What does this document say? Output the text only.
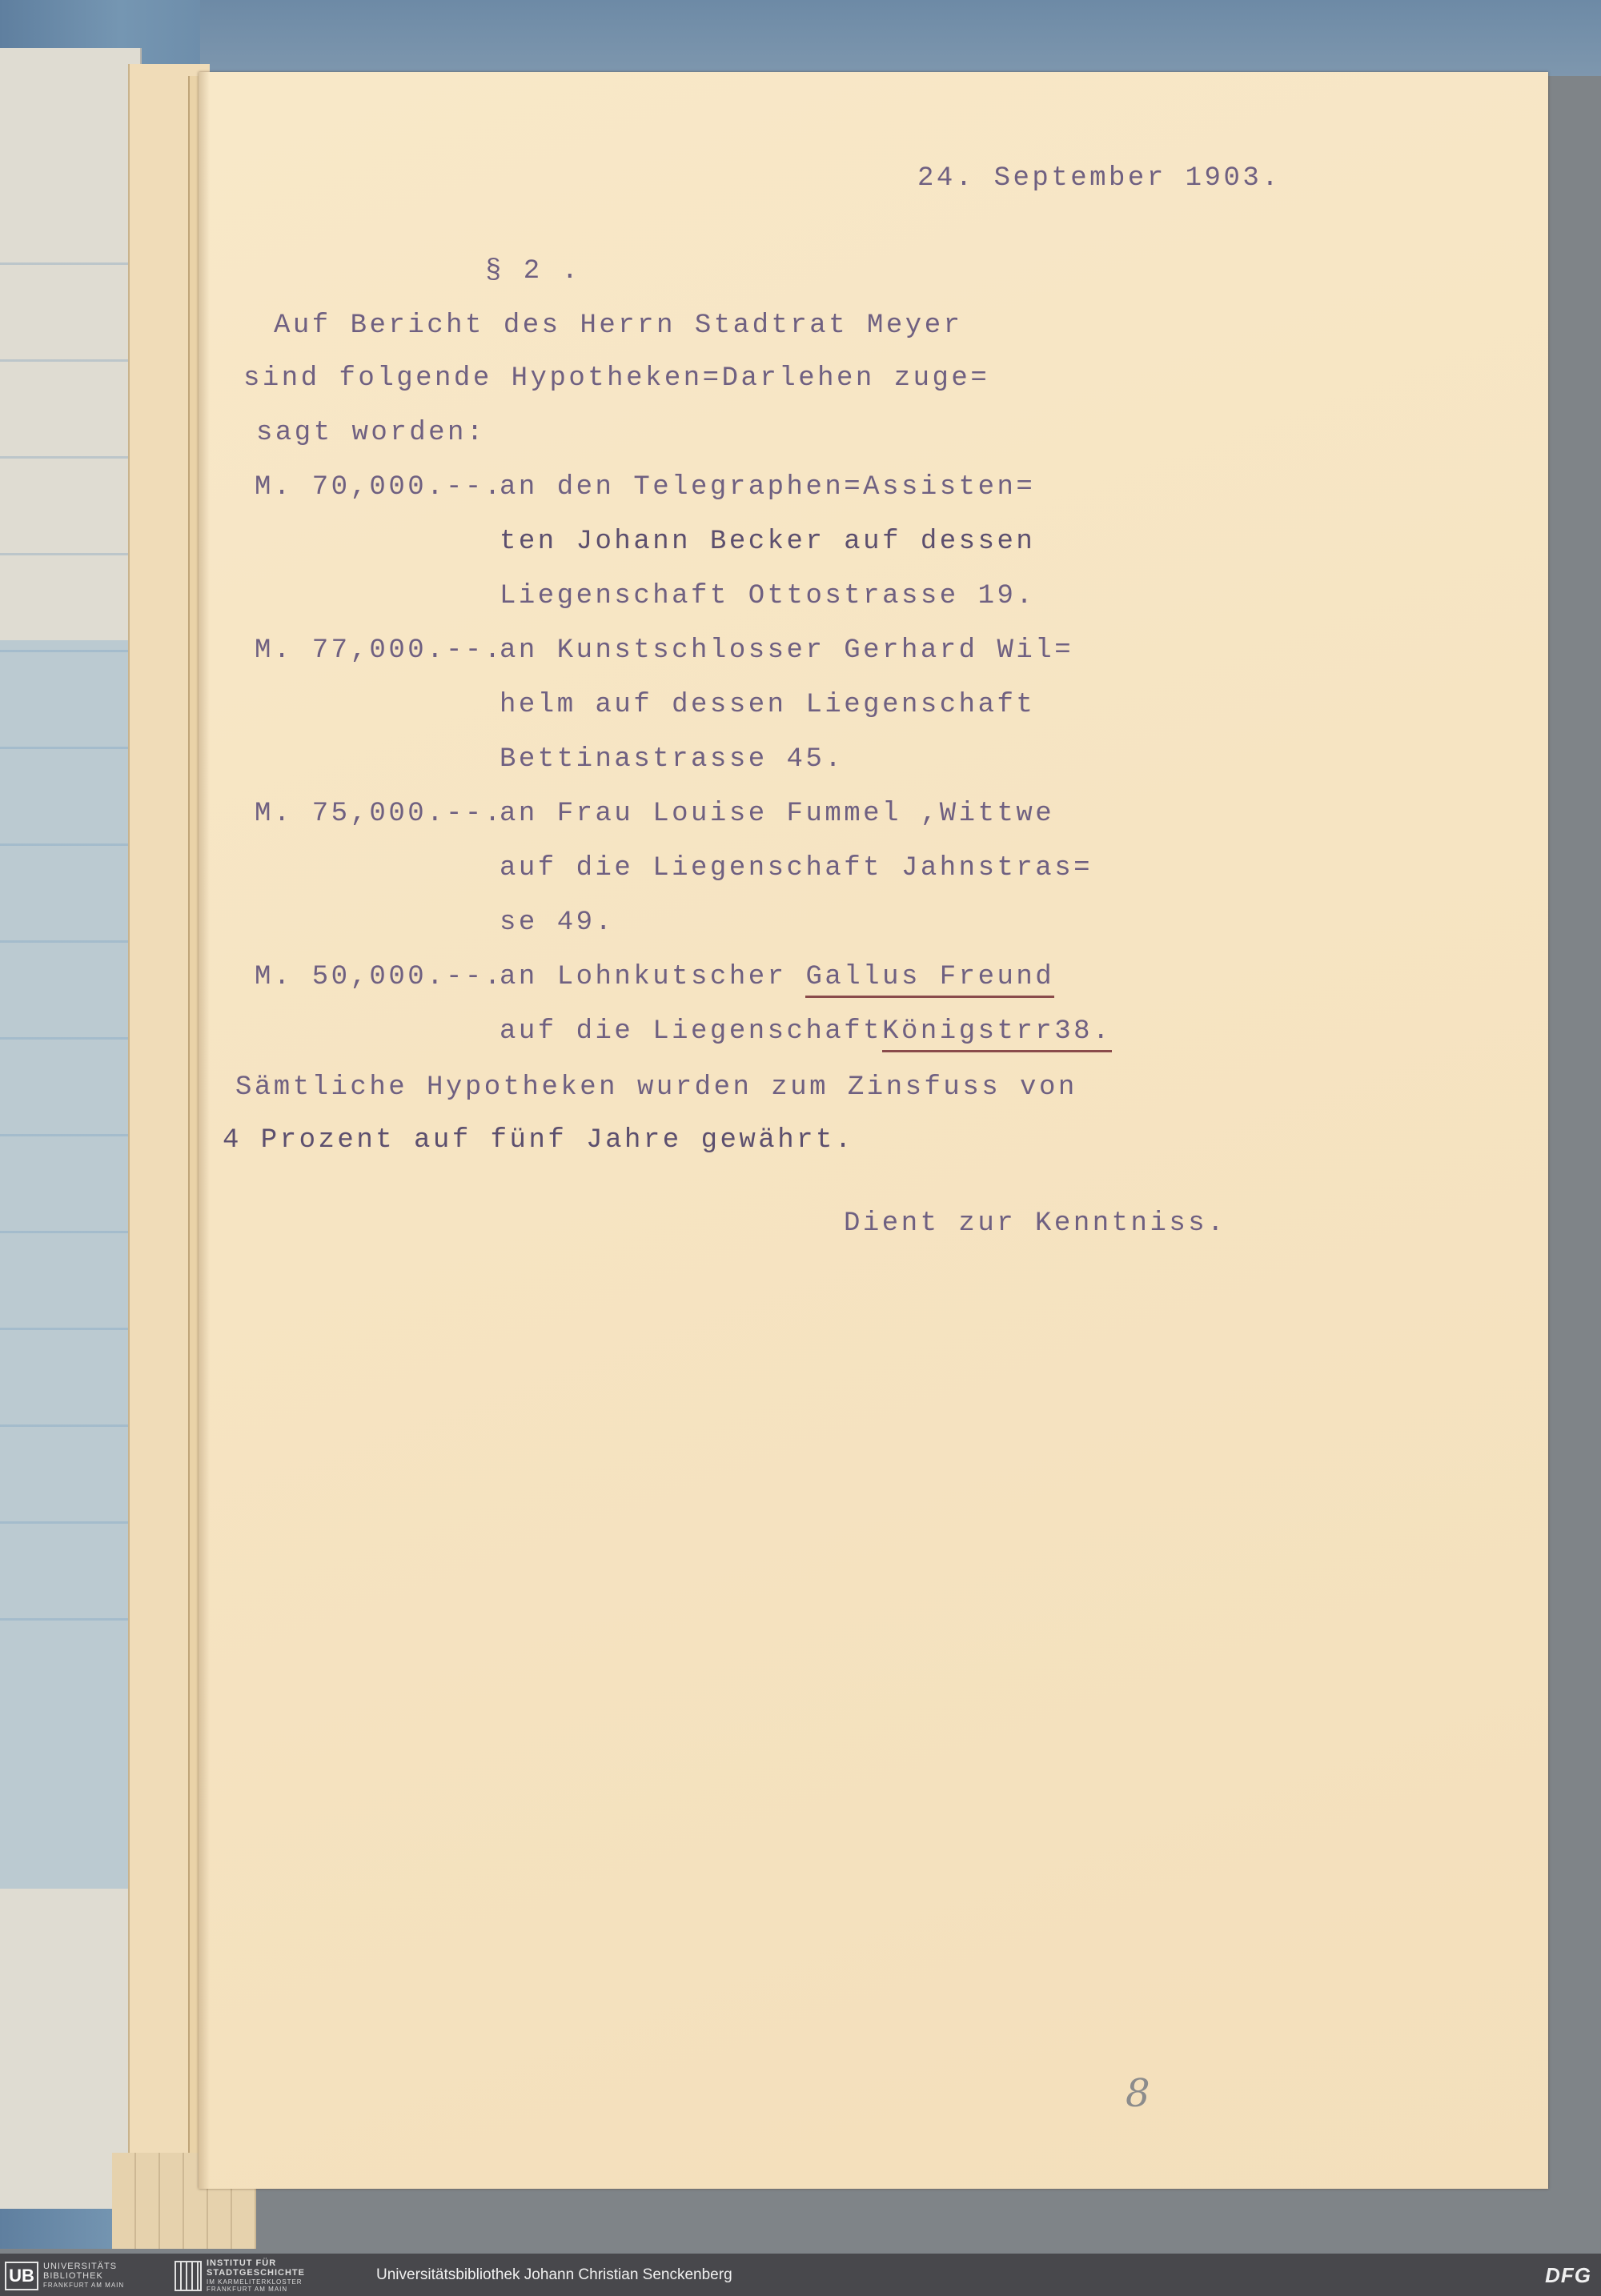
24. September 1903.
§ 2 .
Auf Bericht des Herrn Stadtrat Meyer
sind folgende Hypotheken=Darlehen zuge=
sagt worden:
M. 70,000.--.
an den Telegraphen=Assisten=
ten Johann Becker auf dessen
Liegenschaft Ottostrasse 19.
M. 77,000.--.
an Kunstschlosser Gerhard Wil=
helm auf dessen Liegenschaft
Bettinastrasse 45.
M. 75,000.--.
an Frau Louise Fummel ,Wittwe
auf die Liegenschaft Jahnstras=
se 49.
M. 50,000.--.
an Lohnkutscher Gallus Freund
auf die LiegenschaftKönigstrr38.
Sämtliche Hypotheken wurden zum Zinsfuss von
4 Prozent auf fünf Jahre gewährt.
Dient zur Kenntniss.
8
UB	UNIVERSITÄTS
BIBLIOTHEK
FRANKFURT AM MAIN
INSTITUT FÜR
STADTGESCHICHTE
IM KARMELITERKLOSTER
FRANKFURT AM MAIN
Universitätsbibliothek Johann Christian Senckenberg	DFG
